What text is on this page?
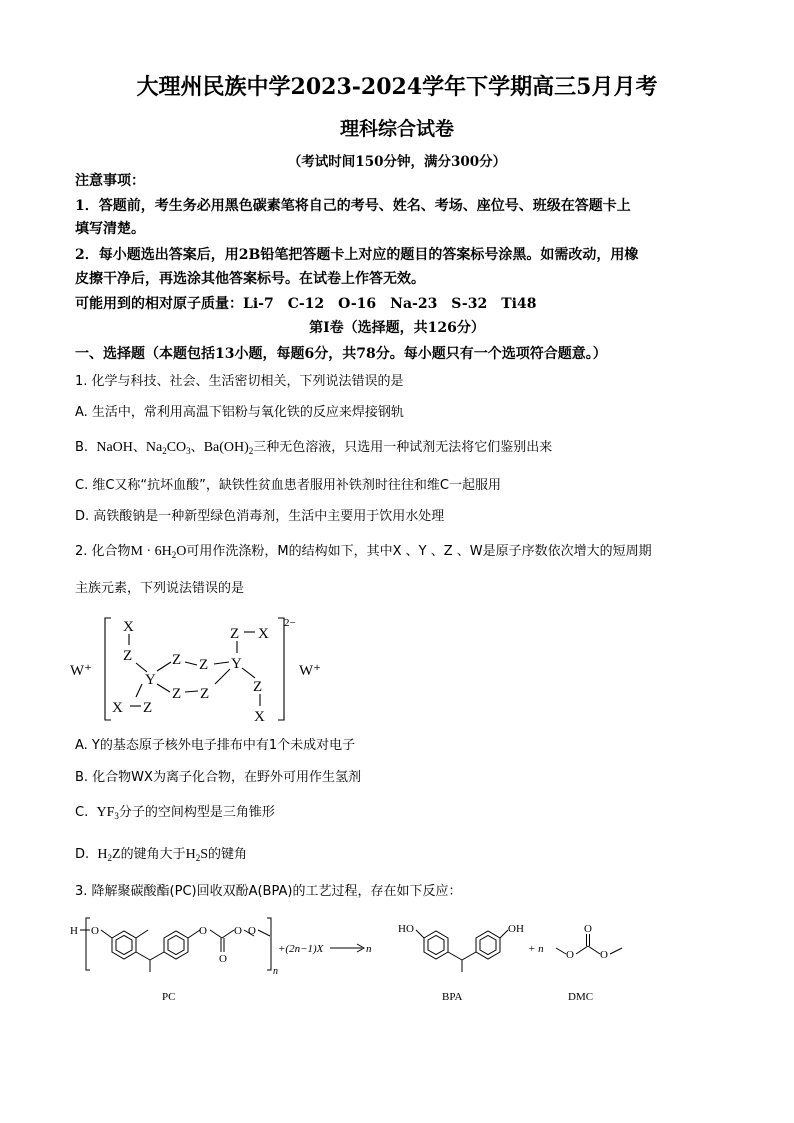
大理州民族中学2023-2024学年下学期高三5月月考
理科综合试卷
（考试时间150分钟，满分300分）
注意事项：
1．答题前，考生务必用黑色碳素笔将自己的考号、姓名、考场、座位号、班级在答题卡上
填写清楚。
2．每小题选出答案后，用2B铅笔把答题卡上对应的题目的答案标号涂黑。如需改动，用橡
皮擦干净后，再选涂其他答案标号。在试卷上作答无效。
可能用到的相对原子质量：Li-7　C-12　O-16　Na-23　S-32　Ti48
第I卷（选择题，共126分）
一、选择题（本题包括13小题，每题6分，共78分。每小题只有一个选项符合题意。）
1. 化学与科技、社会、生活密切相关，下列说法错误的是
A. 生活中，常利用高温下铝粉与氧化铁的反应来焊接钢轨
B. NaOH、$Na_2CO_3$、$Ba(OH)_2$三种无色溶液，只选用一种试剂无法将它们鉴别出来
C. 维C又称“抗坏血酸”，缺铁性贫血患者服用补铁剂时往往和维C一起服用
D. 高铁酸钠是一种新型绿色消毒剂，生活中主要用于饮用水处理
2. 化合物$M \cdot 6H_2O$可用作洗涤粉，M的结构如下，其中X 、Y 、Z 、W是原子序数依次增大的短周期
主族元素，下列说法错误的是
W⁺	W⁺
2−
X
Z
Y
Z Z Y
Z Z
Z X
Z
X
X Z
A. Y的基态原子核外电子排布中有1个未成对电子
B. 化合物WX为离子化合物，在野外可用作生氢剂
C. $YF_3$分子的空间构型是三角锥形
D. $H_2Z$的键角大于$H_2S$的键角
3. 降解聚碳酸酯(PC)回收双酚A(BPA)的工艺过程，存在如下反应：
H O	O O
O
O
n
+(2n−1)X	n
HO	OH
+ n O
O
O
PC	BPA	DMC
